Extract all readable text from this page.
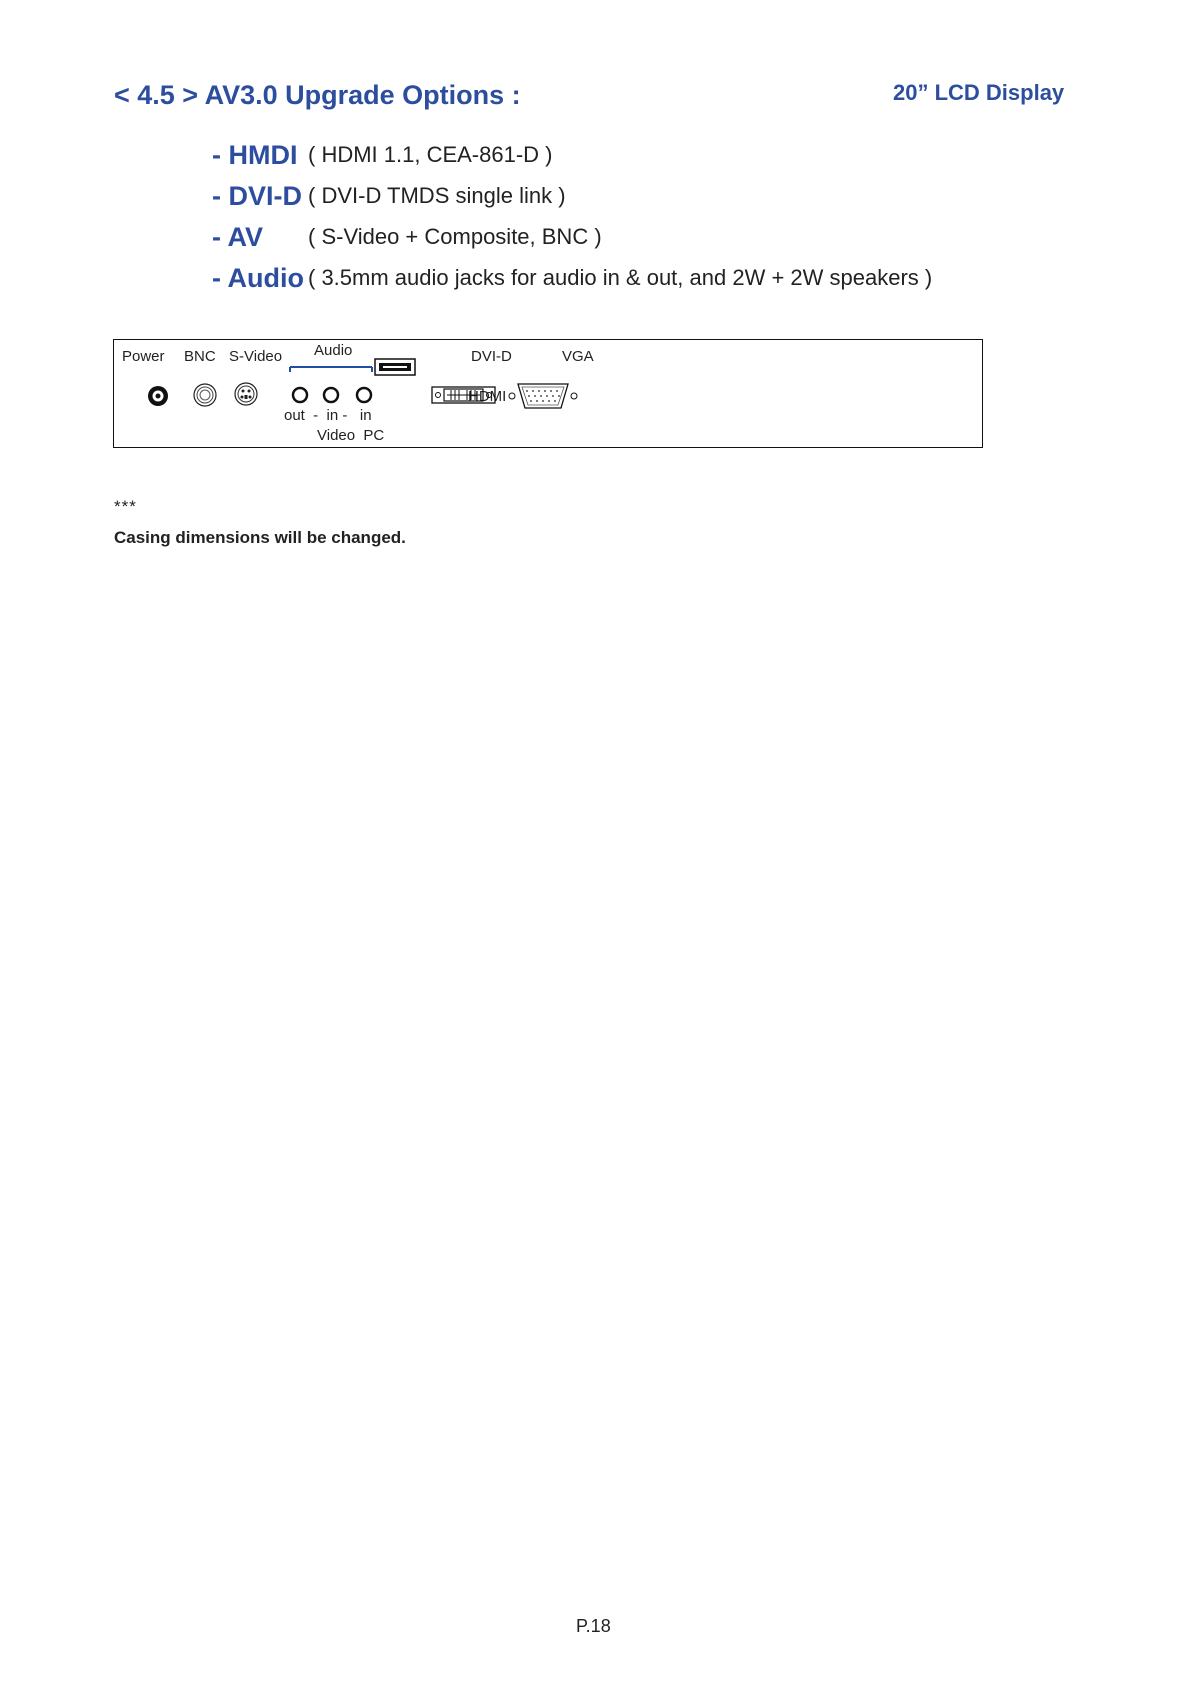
< 4.5 > AV3.0 Upgrade Options :	20” LCD Display
- HMDI ( HDMI 1.1, CEA-861-D )
- DVI-D ( DVI-D TMDS single link )
- AV ( S-Video + Composite, BNC )
- Audio ( 3.5mm audio jacks for audio in & out, and 2W + 2W speakers )
Power BNC S-Video Audio
HDMI
DVI-D	VGA
out  -  in -   in
Video  PC
***
Casing dimensions will be changed.
P.18
